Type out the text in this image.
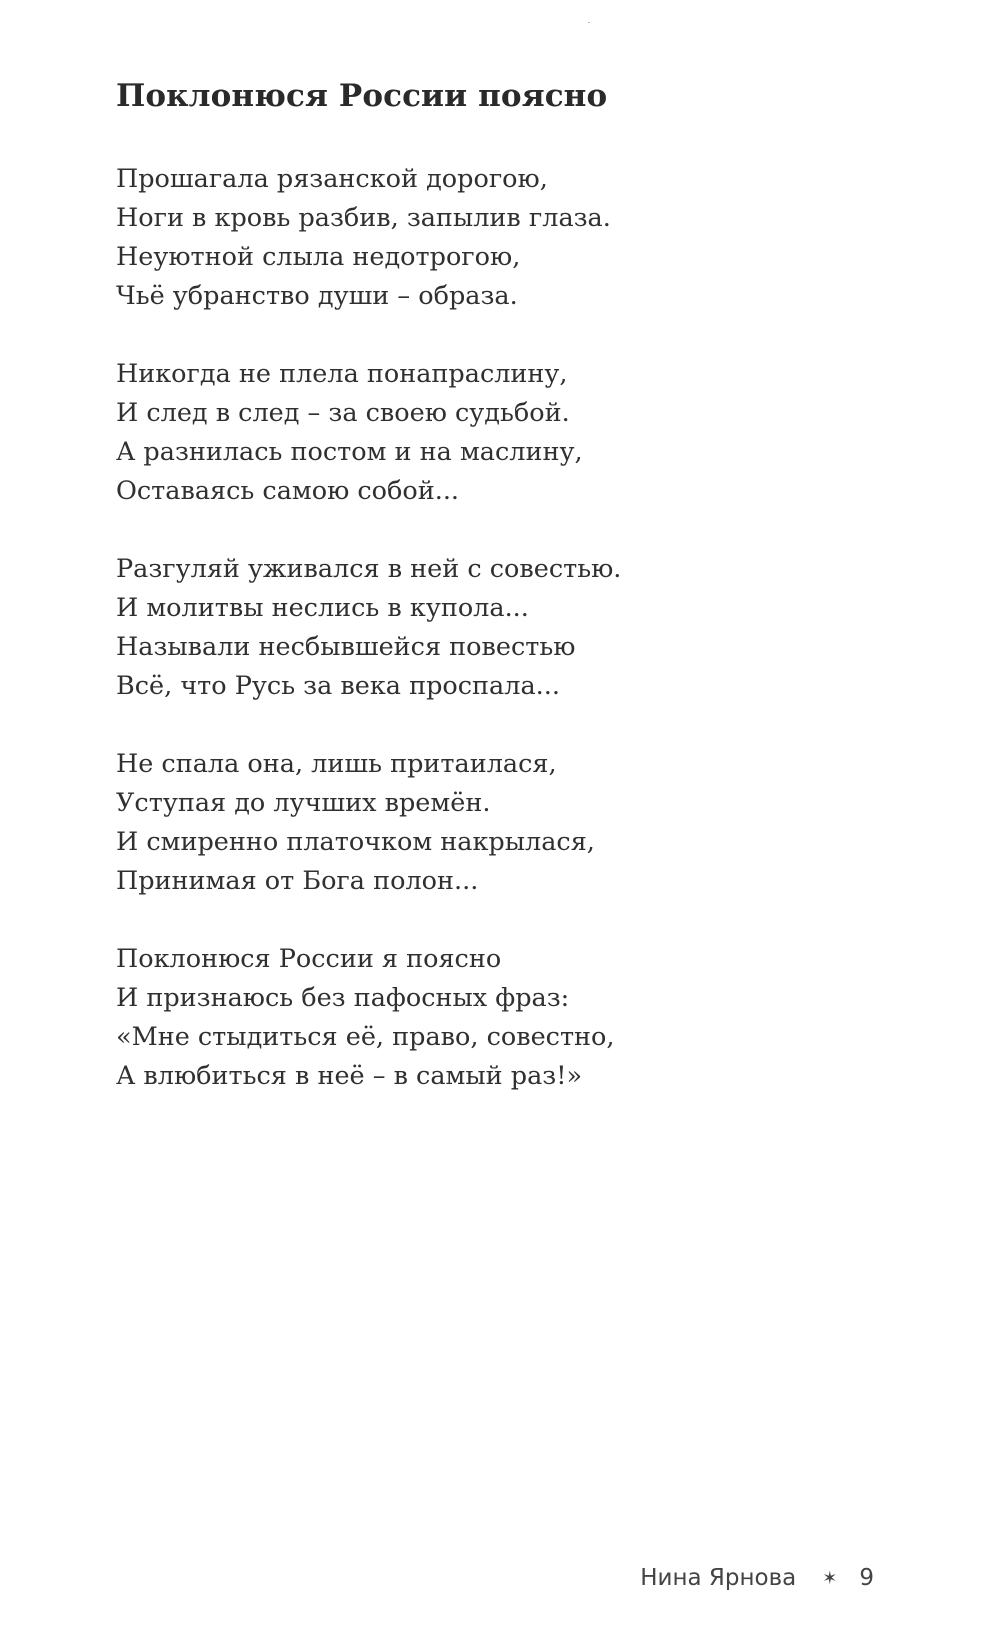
Поклонюся России поясно
Прошагала рязанской дорогою,
Ноги в кровь разбив, запылив глаза.
Неуютной слыла недотрогою,
Чьё убранство души – образа.
Никогда не плела понапраслину,
И след в след – за своею судьбой.
А разнилась постом и на маслину,
Оставаясь самою собой...
Разгуляй уживался в ней с совестью.
И молитвы неслись в купола...
Называли несбывшейся повестью
Всё, что Русь за века проспала...
Не спала она, лишь притаилася,
Уступая до лучших времён.
И смиренно платочком накрылася,
Принимая от Бога полон...
Поклонюся России я поясно
И признаюсь без пафосных фраз:
«Мне стыдиться её, право, совестно,
А влюбиться в неё – в самый раз!»
Нина Ярнова ✶ 9
